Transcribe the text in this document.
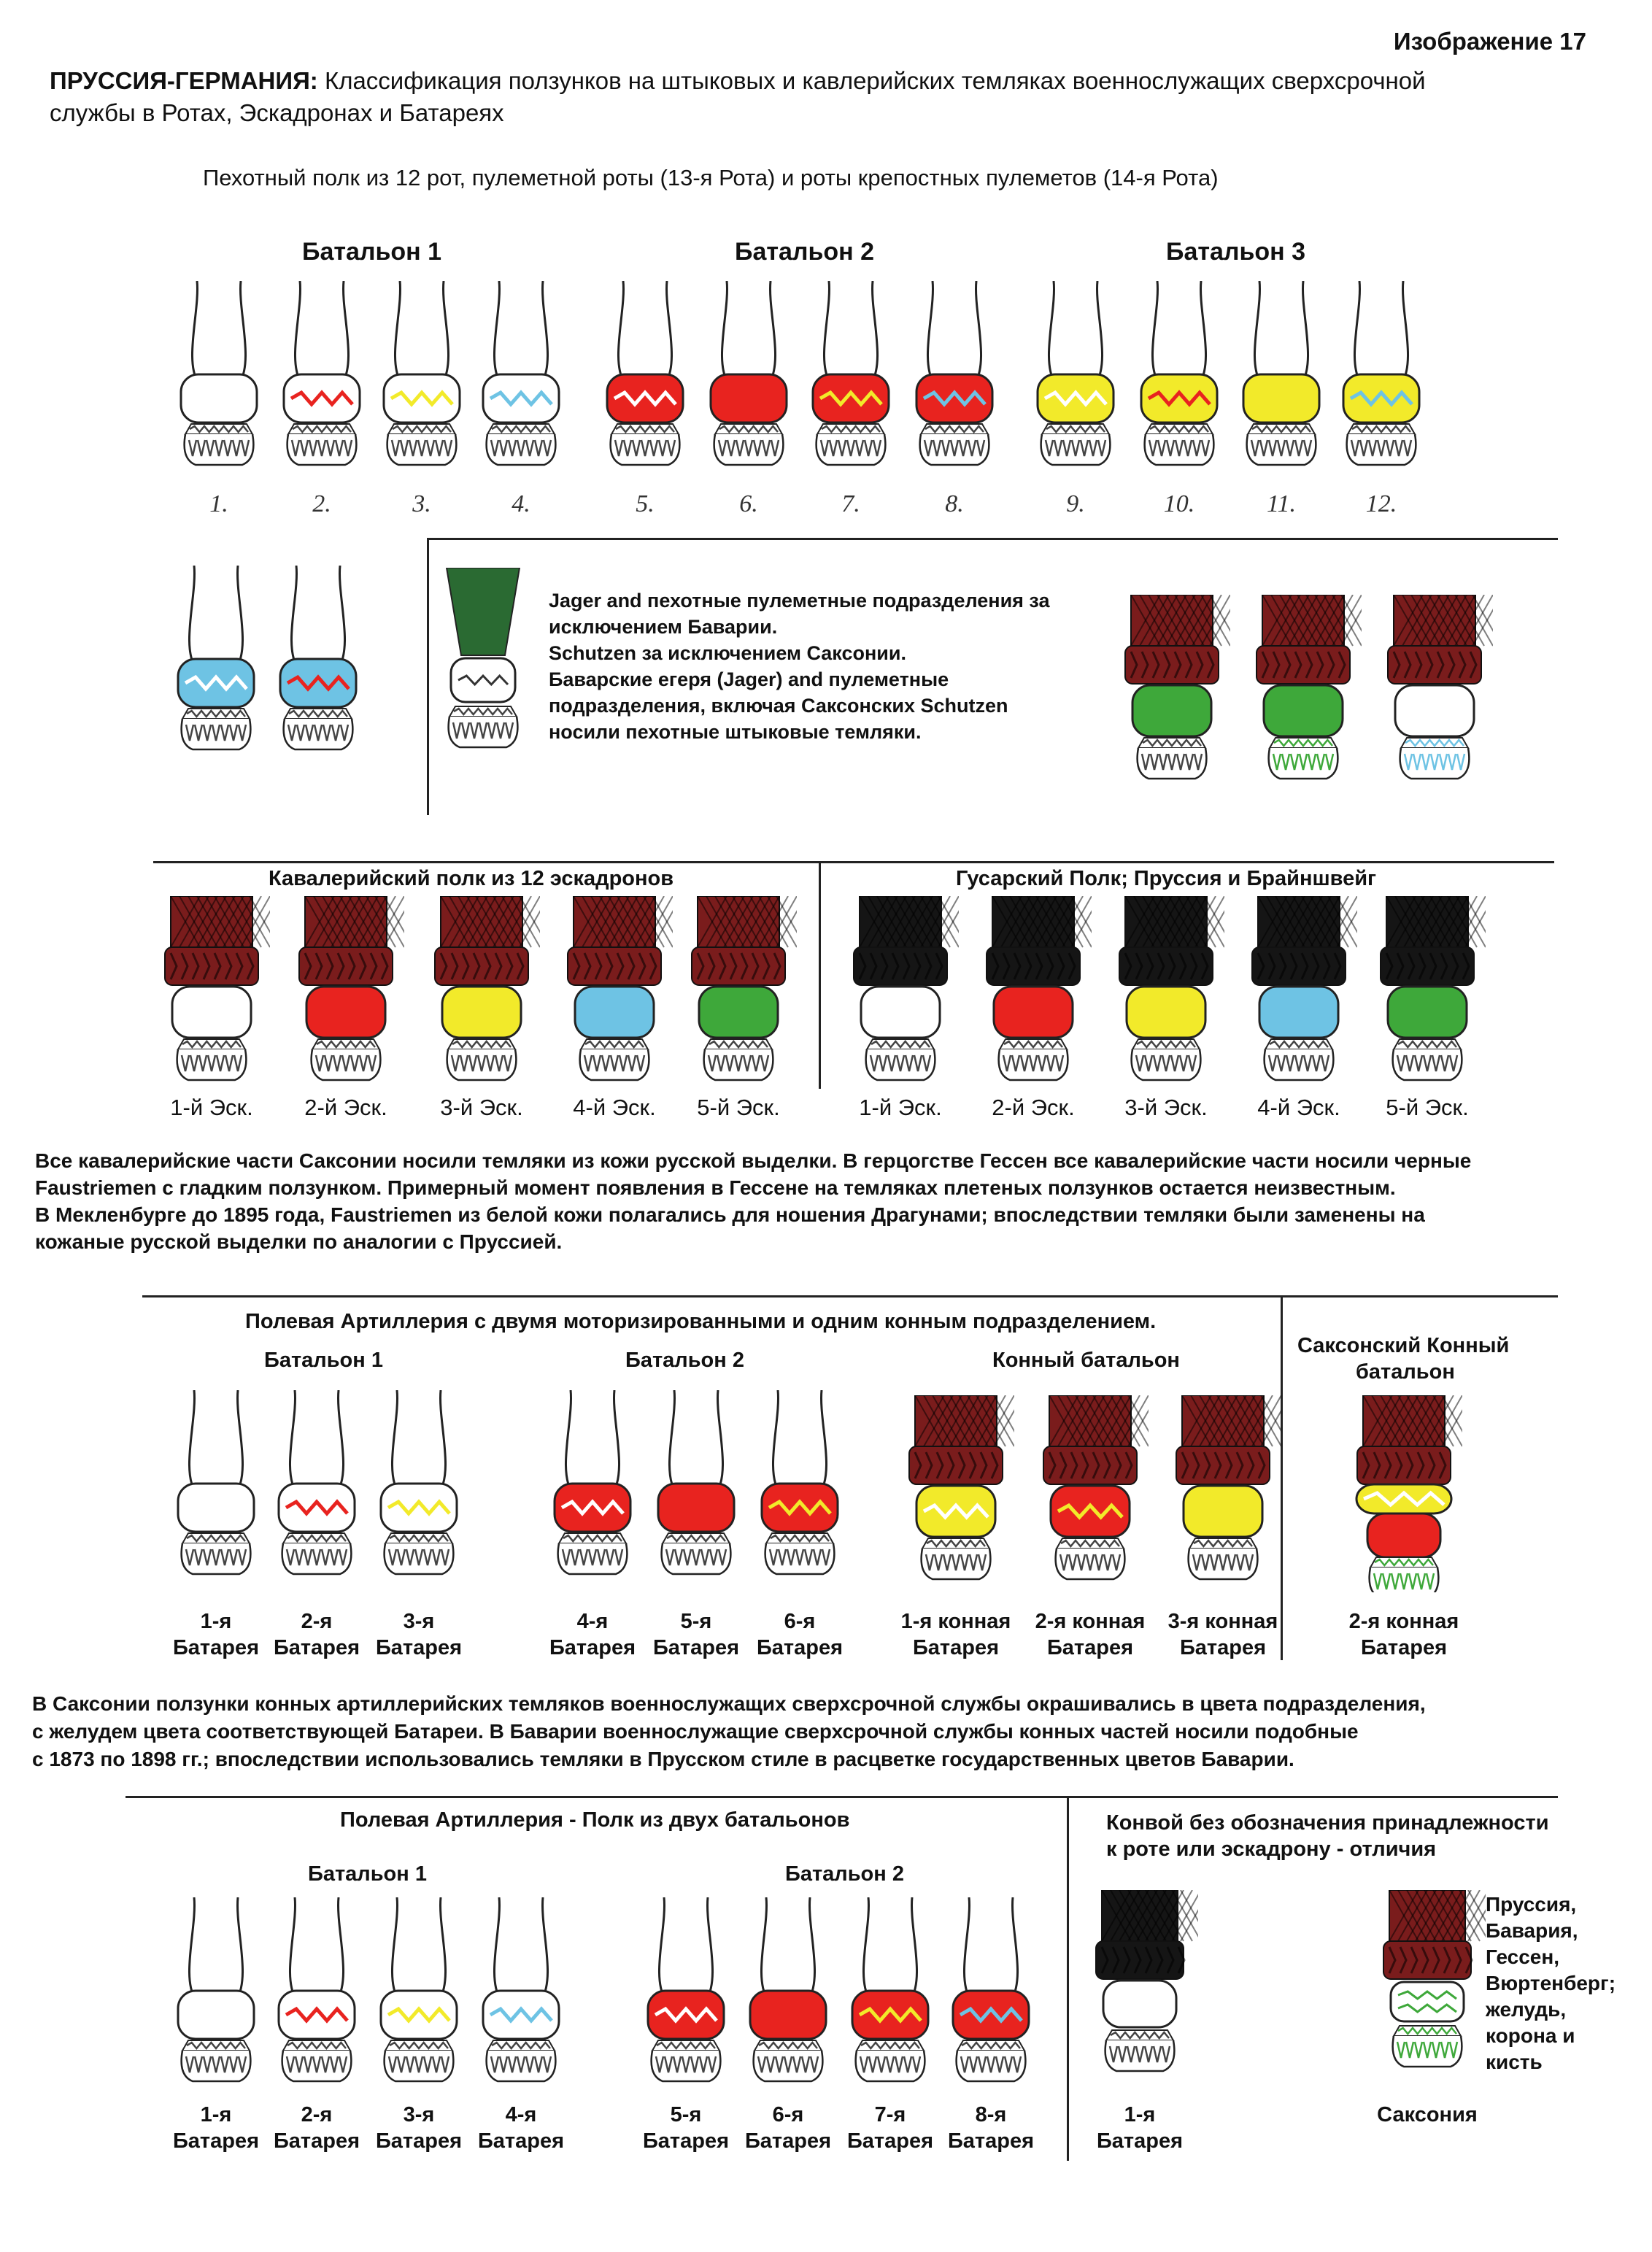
Изображение 17
ПРУССИЯ-ГЕРМАНИЯ: Классификация ползунков на штыковых и кавлерийских темляках военнослужащих сверхсрочной
службы в Ротах, Эскадронах и Батареях
Пехотный полк из 12 рот, пулеметной роты (13-я Рота) и роты крепостных пулеметов (14-я Рота)
Батальон 1	Батальон 2	Батальон 3
1.	2.	3.	4.	5.	6.	7.	8.	9.	10.	11.	12.
Jager and пехотные пулеметные подразделения за
исключением Баварии.
Schutzen за исключением Саксонии.
Баварские егеря (Jager) and пулеметные
подразделения, включая Саксонских Schutzen
носили пехотные штыковые темляки.
Кавалерийский полк из 12 эскадронов	Гусарский Полк; Пруссия и Брайншвейг
1-й Эск.	1-й Эск.
2-й Эск.	2-й Эск.
3-й Эск.	3-й Эск.
4-й Эск.	4-й Эск.
5-й Эск.	5-й Эск.
Все кавалерийские части Саксонии носили темляки из кожи русской выделки. В герцогстве Гессен все кавалерийские части носили черные
Faustriemen с гладким ползунком. Примерный момент появления в Гессене на темляках плетеных ползунков остается неизвестным.
В Мекленбурге до 1895 года, Faustriemen из белой кожи полагались для ношения Драгунами; впоследствии темляки были заменены на
кожаные русской выделки по аналогии с Пруссией.
Полевая Артиллерия с двумя моторизированными и одним конным подразделением.
Батальон 1	Батальон 2	Конный батальон
Саксонский Конный
батальон
1-я
Батарея
2-я
Батарея
3-я
Батарея
4-я
Батарея
5-я
Батарея
6-я
Батарея
1-я конная
Батарея
2-я конная
Батарея
3-я конная
Батарея
2-я конная
Батарея
В Саксонии ползунки конных артиллерийских темляков военнослужащих сверхсрочной службы окрашивались в цвета подразделения,
с желудем цвета соответствующей Батареи. В Баварии военнослужащие сверхсрочной службы конных частей носили подобные
с 1873 по 1898 гг.; впоследствии использовались темляки в Прусском стиле в расцветке государственных цветов Баварии.
Полевая Артиллерия - Полк из двух батальонов
Батальон 1	Батальон 2
Конвой без обозначения принадлежности
к роте или эскадрону - отличия
1-я
Батарея
2-я
Батарея
3-я
Батарея
4-я
Батарея
5-я
Батарея
6-я
Батарея
7-я
Батарея
8-я
Батарея
1-я
Батарея
Пруссия,
Бавария,
Гессен,
Вюртенберг;
желудь,
корона и
кисть
Саксония
